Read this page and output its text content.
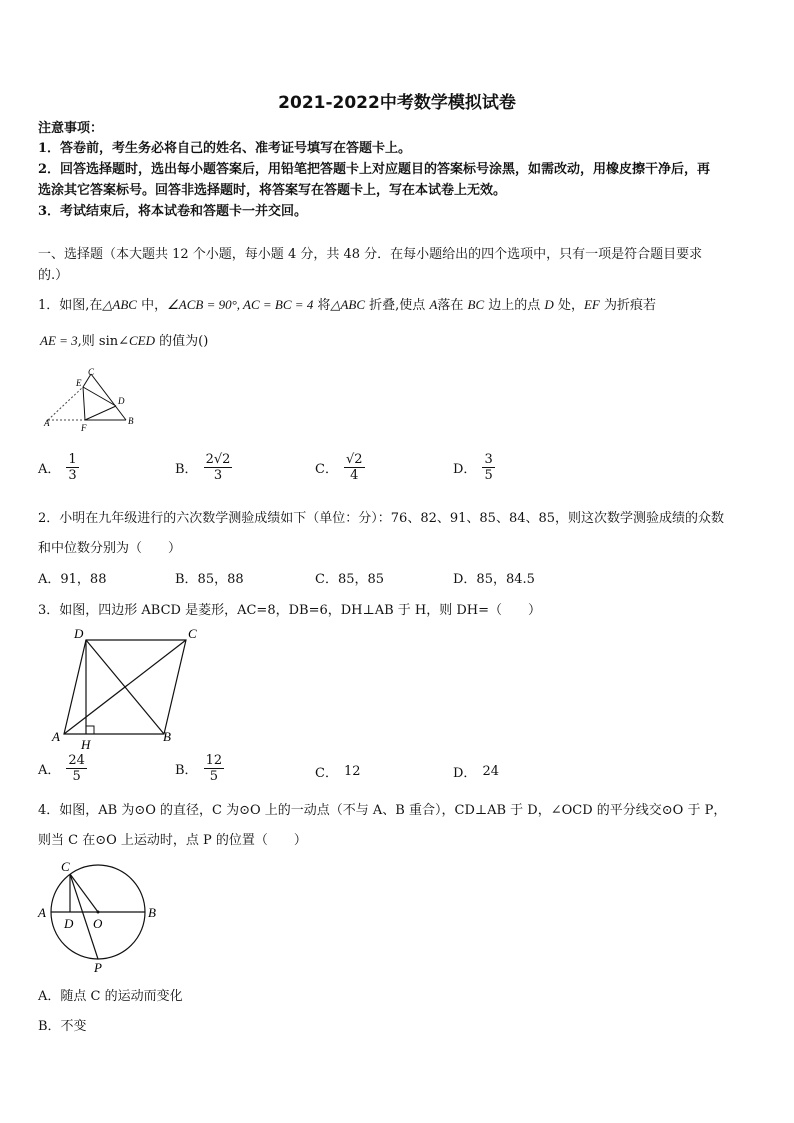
2021-2022中考数学模拟试卷
注意事项：
1．答卷前，考生务必将自己的姓名、准考证号填写在答题卡上。
2．回答选择题时，选出每小题答案后，用铅笔把答题卡上对应题目的答案标号涂黑，如需改动，用橡皮擦干净后，再
选涂其它答案标号。回答非选择题时，将答案写在答题卡上，写在本试卷上无效。
3．考试结束后，将本试卷和答题卡一并交回。
一、选择题（本大题共 12 个小题，每小题 4 分，共 48 分．在每小题给出的四个选项中，只有一项是符合题目要求
的.）
1．如图,在△ABC 中，∠ACB = 90°, AC = BC = 4 将△ABC 折叠,使点 A落在 BC 边上的点 D 处，EF 为折痕若
AE = 3,则 sin∠CED 的值为()
C
E
D
B
A	F
A． $\frac{1}{3}$	B． $\frac{2√2}{3}$	C． $\frac{√2}{4}$	D． $\frac{3}{5}$
2．小明在九年级进行的六次数学测验成绩如下（单位：分）：76、82、91、85、84、85，则这次数学测验成绩的众数
和中位数分别为（　　）
A．91，88	B．85，88	C．85，85	D．85，84.5
3．如图，四边形 ABCD 是菱形，AC=8，DB=6，DH⊥AB 于 H，则 DH=（　　）
D	C
A	B
H
A． $\frac{24}{5}$	B． $\frac{12}{5}$	C． 12	D． 24
4．如图，AB 为⊙O 的直径，C 为⊙O 上的一动点（不与 A、B 重合），CD⊥AB 于 D，∠OCD 的平分线交⊙O 于 P，
则当 C 在⊙O 上运动时，点 P 的位置（　　）
C
A	B
D O
P
A．随点 C 的运动而变化
B．不变
